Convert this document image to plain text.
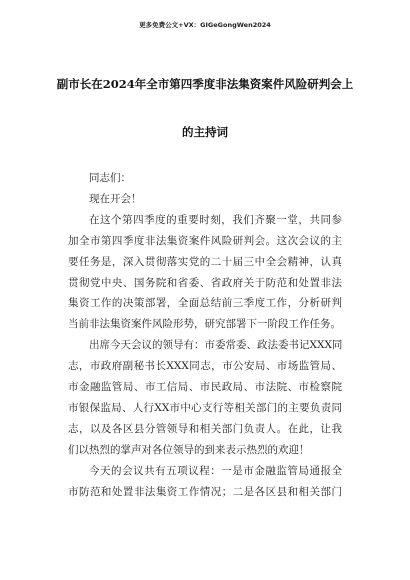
更多免费公文+VX：GIGeGongWen2024
副市长在2024年全市第四季度非法集资案件风险研判会上
的主持词
同志们：
现在开会！
在这个第四季度的重要时刻，我们齐聚一堂，共同参
加全市第四季度非法集资案件风险研判会。这次会议的主
要任务是，深入贯彻落实党的二十届三中全会精神，认真
贯彻党中央、国务院和省委、省政府关于防范和处置非法
集资工作的决策部署，全面总结前三季度工作，分析研判
当前非法集资案件风险形势，研究部署下一阶段工作任务。
出席今天会议的领导有：市委常委、政法委书记XXX同
志，市政府副秘书长XXX同志，市公安局、市场监管局、
市金融监管局、市工信局、市民政局、市法院、市检察院
市银保监局、人行XX市中心支行等相关部门的主要负责同
志，以及各区县分管领导和相关部门负责人。在此，让我
们以热烈的掌声对各位领导的到来表示热烈的欢迎！
今天的会议共有五项议程：一是市金融监管局通报全
市防范和处置非法集资工作情况；二是各区县和相关部门
